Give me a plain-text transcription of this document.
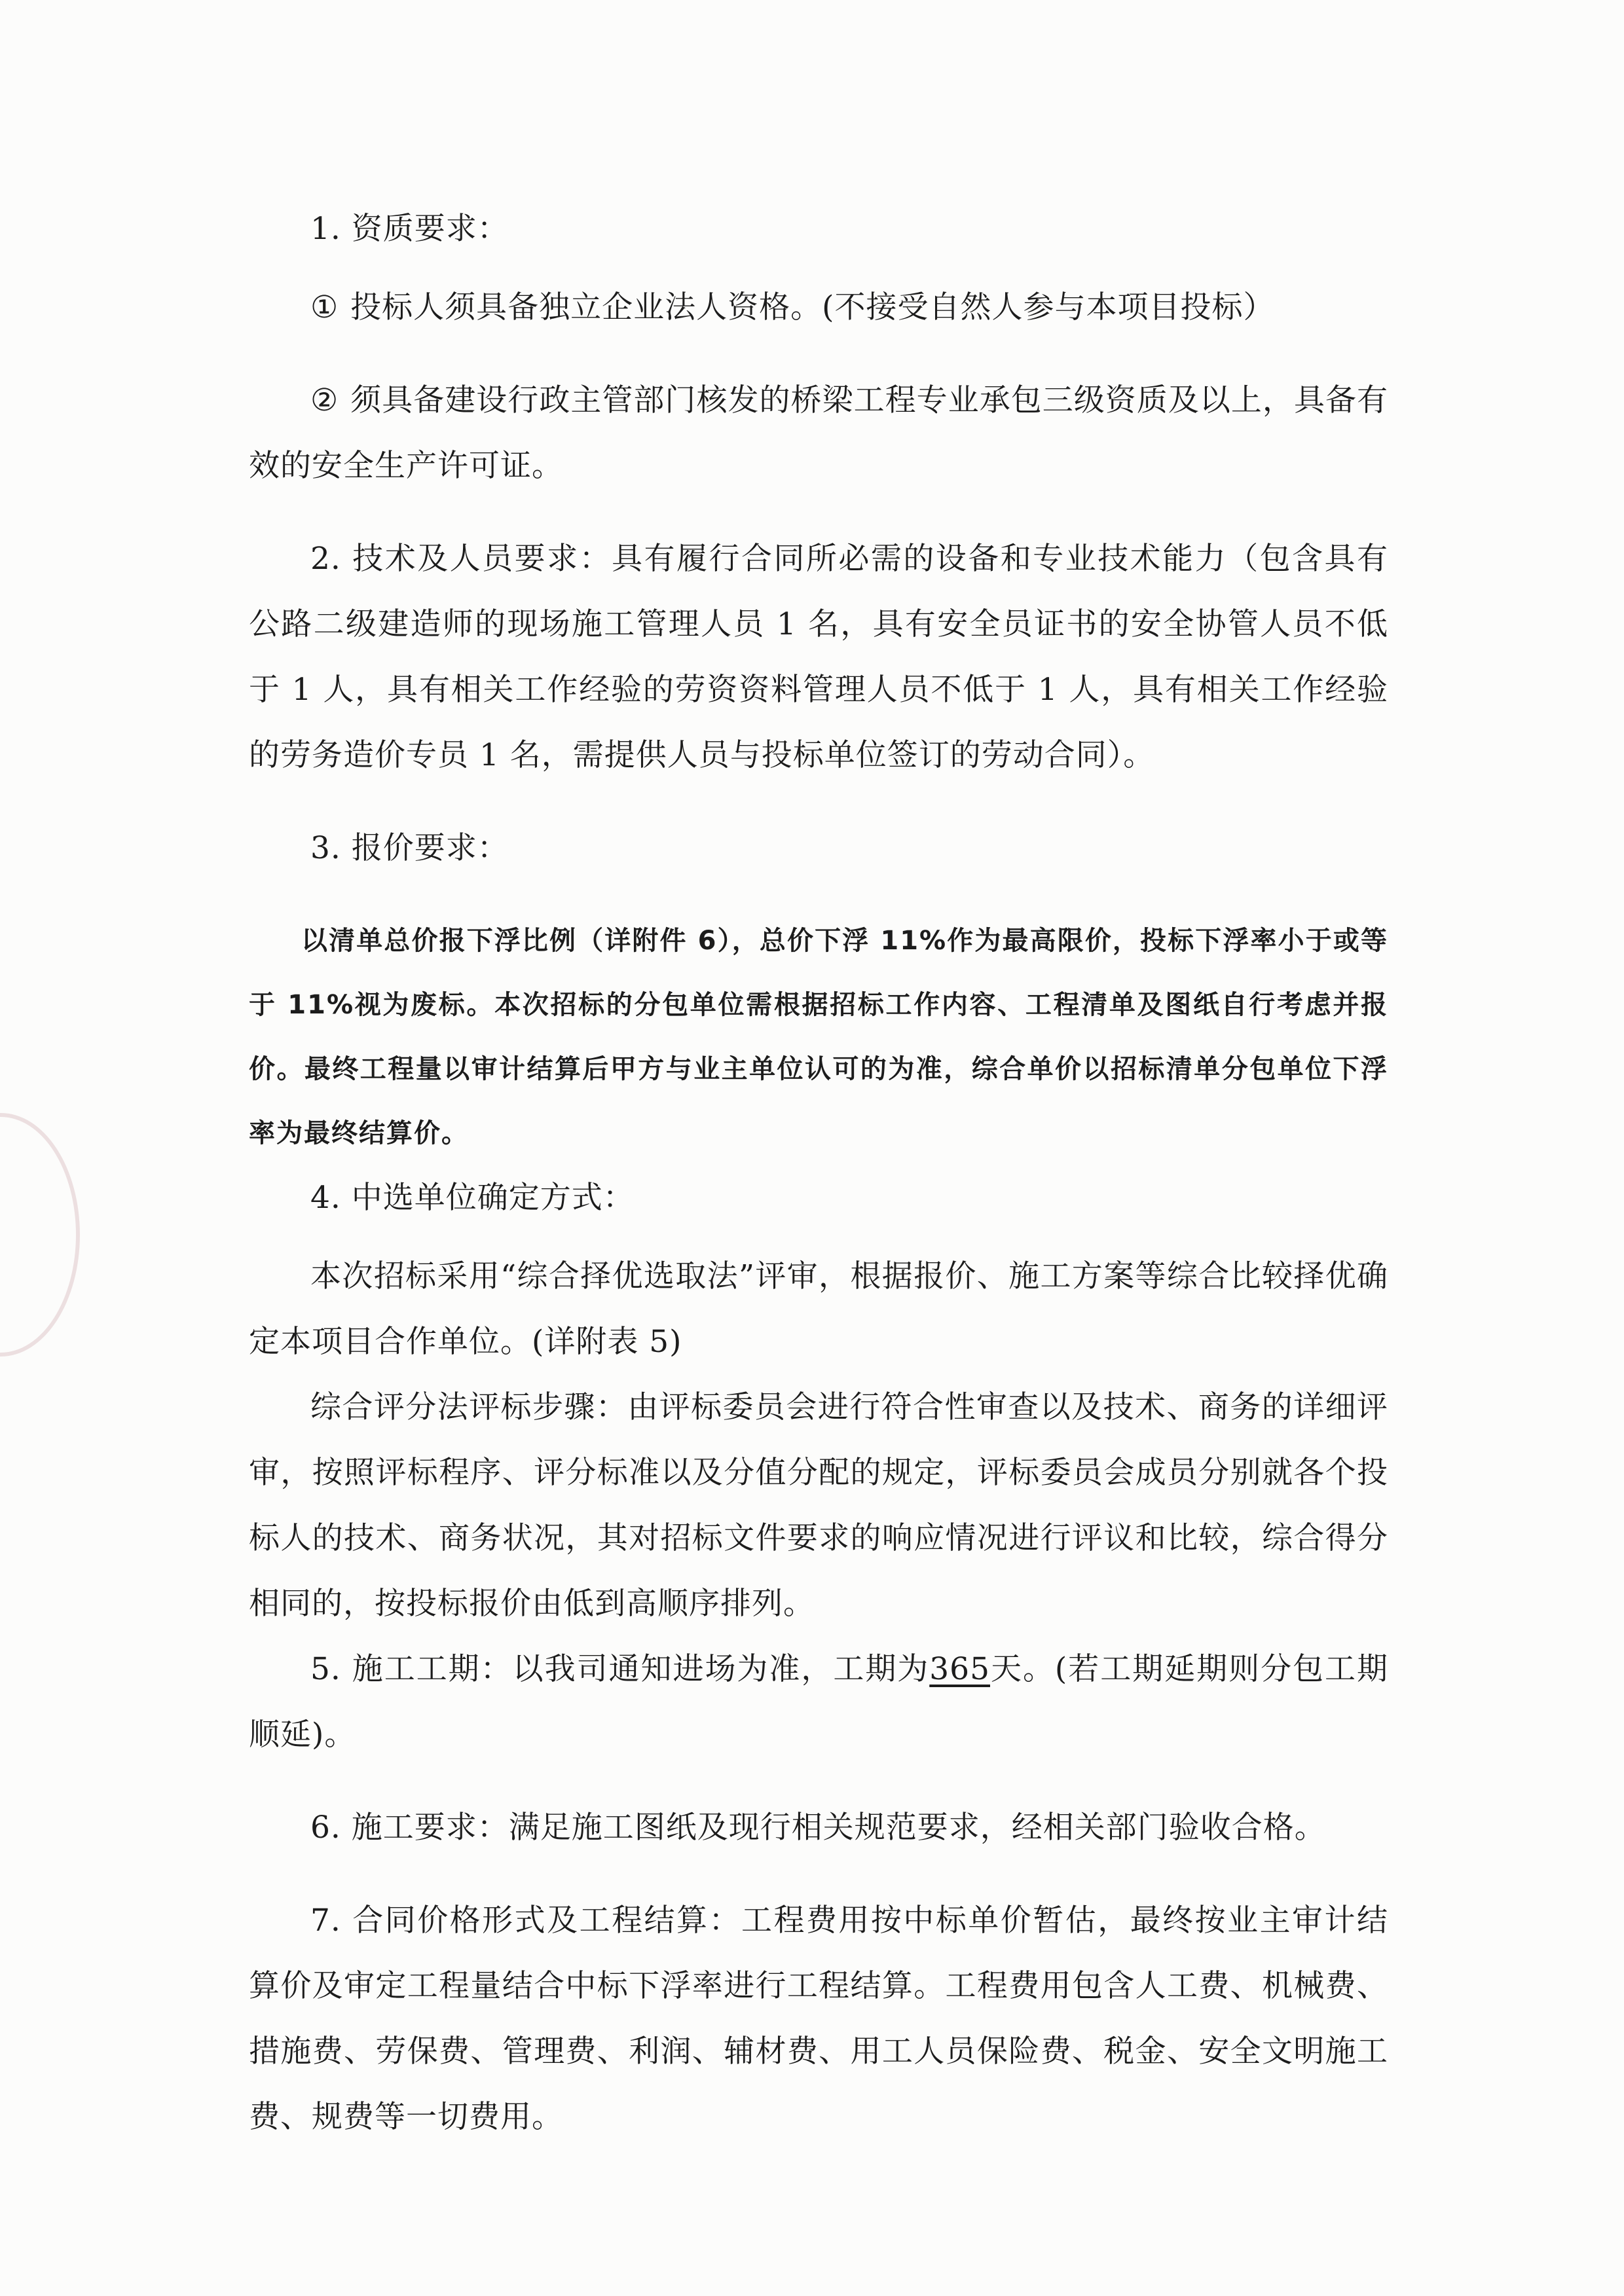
1. 资质要求：

① 投标人须具备独立企业法人资格。(不接受自然人参与本项目投标）

② 须具备建设行政主管部门核发的桥梁工程专业承包三级资质及以上，具备有效的安全生产许可证。

2. 技术及人员要求：具有履行合同所必需的设备和专业技术能力（包含具有公路二级建造师的现场施工管理人员 1 名，具有安全员证书的安全协管人员不低于 1 人，具有相关工作经验的劳资资料管理人员不低于 1 人，具有相关工作经验的劳务造价专员 1 名，需提供人员与投标单位签订的劳动合同）。

3. 报价要求：

以清单总价报下浮比例（详附件 6），总价下浮 11%作为最高限价，投标下浮率小于或等于 11%视为废标。本次招标的分包单位需根据招标工作内容、工程清单及图纸自行考虑并报价。最终工程量以审计结算后甲方与业主单位认可的为准，综合单价以招标清单分包单位下浮率为最终结算价。

4. 中选单位确定方式：

本次招标采用“综合择优选取法”评审，根据报价、施工方案等综合比较择优确定本项目合作单位。(详附表 5)

综合评分法评标步骤：由评标委员会进行符合性审查以及技术、商务的详细评审，按照评标程序、评分标准以及分值分配的规定，评标委员会成员分别就各个投标人的技术、商务状况，其对招标文件要求的响应情况进行评议和比较，综合得分相同的，按投标报价由低到高顺序排列。

5. 施工工期：以我司通知进场为准，工期为365天。(若工期延期则分包工期顺延)。

6. 施工要求：满足施工图纸及现行相关规范要求，经相关部门验收合格。

7. 合同价格形式及工程结算：工程费用按中标单价暂估，最终按业主审计结算价及审定工程量结合中标下浮率进行工程结算。工程费用包含人工费、机械费、措施费、劳保费、管理费、利润、辅材费、用工人员保险费、税金、安全文明施工费、规费等一切费用。
